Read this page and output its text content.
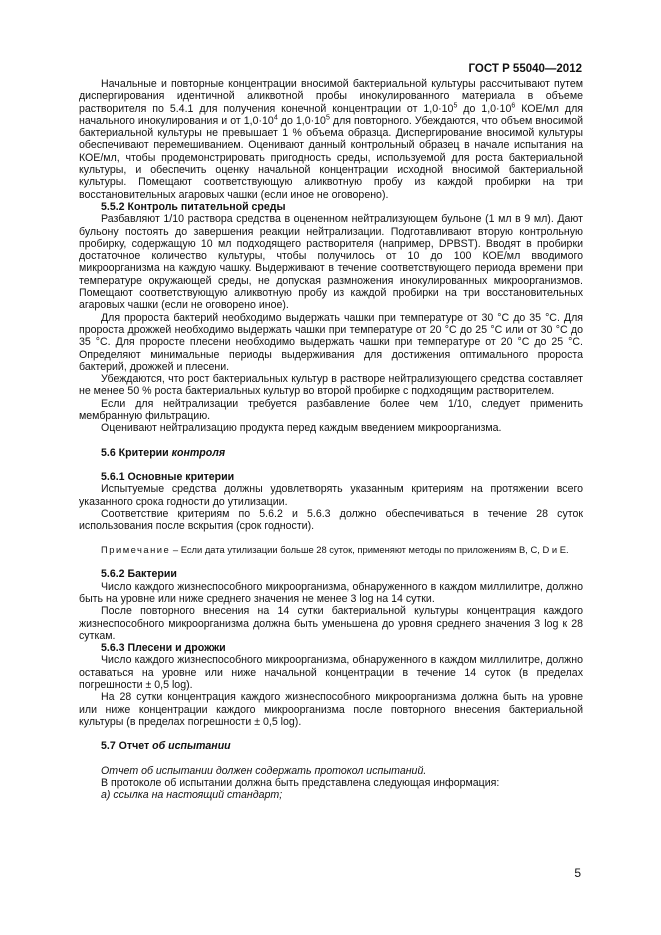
ГОСТ Р 55040—2012

Начальные и повторные концентрации вносимой бактериальной культуры рассчитывают путем диспергирования идентичной аликвотной пробы инокулированного материала в объеме растворителя по 5.4.1 для получения конечной концентрации от $1,0\cdot 10^5$ до $1,0\cdot 10^6$ КОЕ/мл для начального инокулирования и от $1,0\cdot 10^4$ до $1,0\cdot 10^5$ для повторного. Убеждаются, что объем вносимой бактериальной культуры не превышает 1 % объема образца. Диспергирование вносимой культуры обеспечивают перемешиванием. Оценивают данный контрольный образец в начале испытания на КОЕ/мл, чтобы продемонстрировать пригодность среды, используемой для роста бактериальной культуры, и обеспечить оценку начальной концентрации исходной вносимой бактериальной культуры. Помещают соответствующую аликвотную пробу из каждой пробирки на три восстановительных агаровых чашки (если иное не оговорено).

5.5.2 Контроль питательной среды

Разбавляют 1/10 раствора средства в оцененном нейтрализующем бульоне (1 мл в 9 мл). Дают бульону постоять до завершения реакции нейтрализации. Подготавливают вторую контрольную пробирку, содержащую 10 мл подходящего растворителя (например, DPBST). Вводят в пробирки достаточное количество культуры, чтобы получилось от 10 до 100 КОЕ/мл вводимого микроорганизма на каждую чашку. Выдерживают в течение соответствующего периода времени при температуре окружающей среды, не допуская размножения инокулированных микроорганизмов. Помещают соответствующую аликвотную пробу из каждой пробирки на три восстановительных агаровых чашки (если не оговорено иное).

Для пророста бактерий необходимо выдержать чашки при температуре от 30 °С до 35 °С. Для пророста дрожжей необходимо выдержать чашки при температуре от 20 °С до 25 °С или от 30 °С до 35 °С. Для проросте плесени необходимо выдержать чашки при температуре от 20 °С до 25 °С. Определяют минимальные периоды выдерживания для достижения оптимального пророста бактерий, дрожжей и плесени.

Убеждаются, что рост бактериальных культур в растворе нейтрализующего средства составляет не менее 50 % роста бактериальных культур во второй пробирке с подходящим растворителем.

Если для нейтрализации требуется разбавление более чем 1/10, следует применить мембранную фильтрацию.

Оценивают нейтрализацию продукта перед каждым введением микроорганизма.

5.6 Критерии контроля

5.6.1 Основные критерии

Испытуемые средства должны удовлетворять указанным критериям на протяжении всего указанного срока годности до утилизации.

Соответствие критериям по 5.6.2 и 5.6.3 должно обеспечиваться в течение 28 суток использования после вскрытия (срок годности).

Примечание – Если дата утилизации больше 28 суток, применяют методы по приложениям В, С, D и Е.

5.6.2 Бактерии

Число каждого жизнеспособного микроорганизма, обнаруженного в каждом миллилитре, должно быть на уровне или ниже среднего значения не менее 3 log на 14 сутки.

После повторного внесения на 14 сутки бактериальной культуры концентрация каждого жизнеспособного микроорганизма должна быть уменьшена до уровня среднего значения 3 log к 28 суткам.

5.6.3 Плесени и дрожжи

Число каждого жизнеспособного микроорганизма, обнаруженного в каждом миллилитре, должно оставаться на уровне или ниже начальной концентрации в течение 14 суток (в пределах погрешности ± 0,5 log).

На 28 сутки концентрация каждого жизнеспособного микроорганизма должна быть на уровне или ниже концентрации каждого микроорганизма после повторного внесения бактериальной культуры (в пределах погрешности ± 0,5 log).

5.7 Отчет об испытании

Отчет об испытании должен содержать протокол испытаний.

В протоколе об испытании должна быть представлена следующая информация:

а) ссылка на настоящий стандарт;

5
